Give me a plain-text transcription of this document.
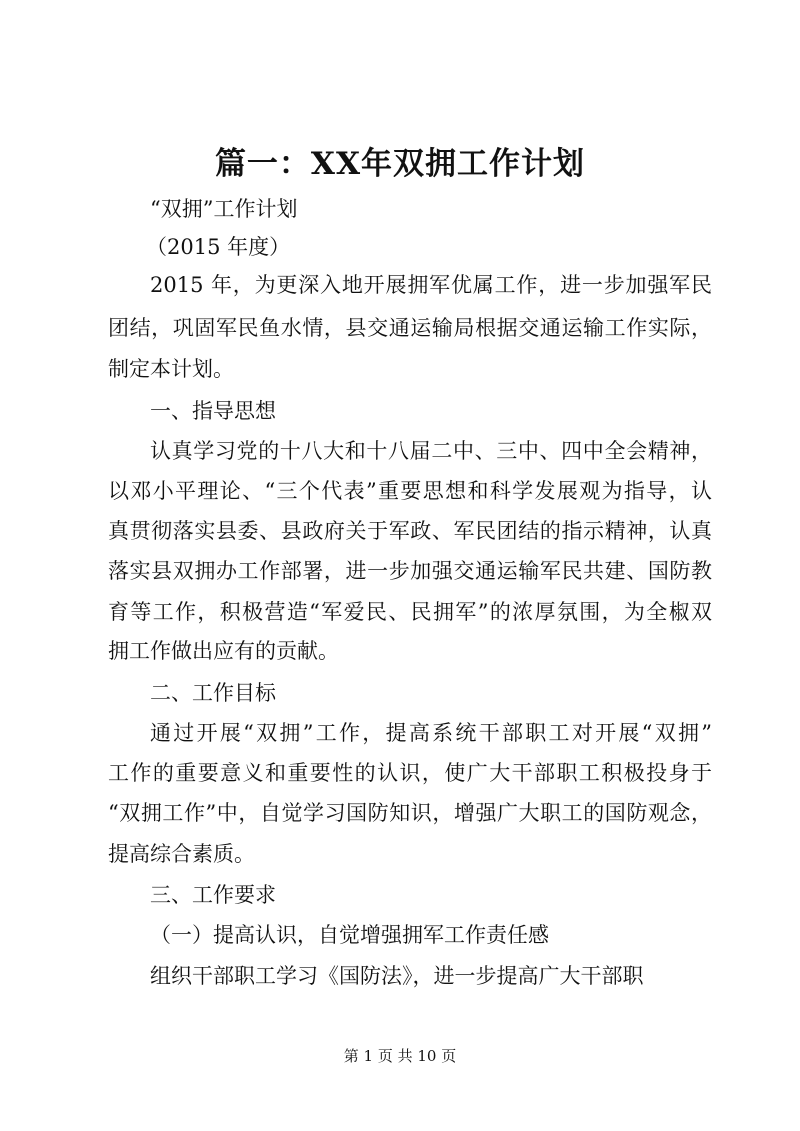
篇一：XX年双拥工作计划
“双拥”工作计划
（2015 年度）
2015 年，为更深入地开展拥军优属工作，进一步加强军民
团结，巩固军民鱼水情，县交通运输局根据交通运输工作实际，
制定本计划。
一、指导思想
认真学习党的十八大和十八届二中、三中、四中全会精神，
以邓小平理论、“三个代表”重要思想和科学发展观为指导，认
真贯彻落实县委、县政府关于军政、军民团结的指示精神，认真
落实县双拥办工作部署，进一步加强交通运输军民共建、国防教
育等工作，积极营造“军爱民、民拥军”的浓厚氛围，为全椒双
拥工作做出应有的贡献。
二、工作目标
通过开展“双拥”工作，提高系统干部职工对开展“双拥”
工作的重要意义和重要性的认识，使广大干部职工积极投身于
“双拥工作”中，自觉学习国防知识，增强广大职工的国防观念，
提高综合素质。
三、工作要求
（一）提高认识，自觉增强拥军工作责任感
组织干部职工学习《国防法》，进一步提高广大干部职
第 1 页 共 10 页
